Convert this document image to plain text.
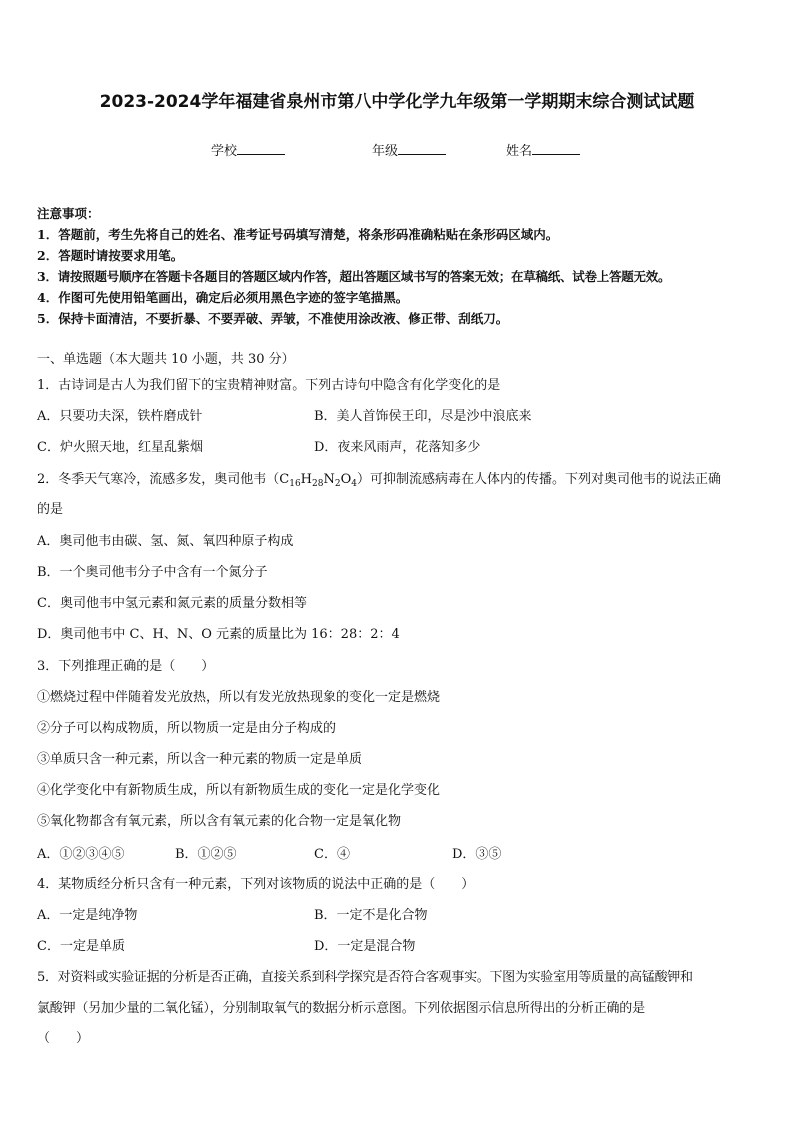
2023-2024学年福建省泉州市第八中学化学九年级第一学期期末综合测试试题
学校	年级	姓名
注意事项：
1．答题前，考生先将自己的姓名、准考证号码填写清楚，将条形码准确粘贴在条形码区域内。
2．答题时请按要求用笔。
3．请按照题号顺序在答题卡各题目的答题区域内作答，超出答题区域书写的答案无效；在草稿纸、试卷上答题无效。
4．作图可先使用铅笔画出，确定后必须用黑色字迹的签字笔描黑。
5．保持卡面清洁，不要折暴、不要弄破、弄皱，不准使用涂改液、修正带、刮纸刀。
一、单选题（本大题共 10 小题，共 30 分）
1．古诗词是古人为我们留下的宝贵精神财富。下列古诗句中隐含有化学变化的是
A．只要功夫深，铁杵磨成针	B．美人首饰侯王印，尽是沙中浪底来
C．炉火照天地，红星乱紫烟	D．夜来风雨声，花落知多少
2．冬季天气寒冷，流感多发，奥司他韦$(C_{16}H_{28}N_2O_4)$可抑制流感病毒在人体内的传播。下列对奥司他韦的说法正确
的是
A．奥司他韦由碳、氢、氮、氧四种原子构成
B．一个奥司他韦分子中含有一个氮分子
C．奥司他韦中氢元素和氮元素的质量分数相等
D．奥司他韦中 C、H、N、O 元素的质量比为 16：28：2：4
3．下列推理正确的是（　　）
①燃烧过程中伴随着发光放热，所以有发光放热现象的变化一定是燃烧
②分子可以构成物质，所以物质一定是由分子构成的
③单质只含一种元素，所以含一种元素的物质一定是单质
④化学变化中有新物质生成，所以有新物质生成的变化一定是化学变化
⑤氧化物都含有氧元素，所以含有氧元素的化合物一定是氧化物
A．①②③④⑤	B．①②⑤	C．④	D．③⑤
4．某物质经分析只含有一种元素，下列对该物质的说法中正确的是（　　）
A．一定是纯净物	B．一定不是化合物
C．一定是单质	D．一定是混合物
5．对资料或实验证据的分析是否正确，直接关系到科学探究是否符合客观事实。下图为实验室用等质量的高锰酸钾和
氯酸钾（另加少量的二氧化锰），分别制取氧气的数据分析示意图。下列依据图示信息所得出的分析正确的是
（　　）
